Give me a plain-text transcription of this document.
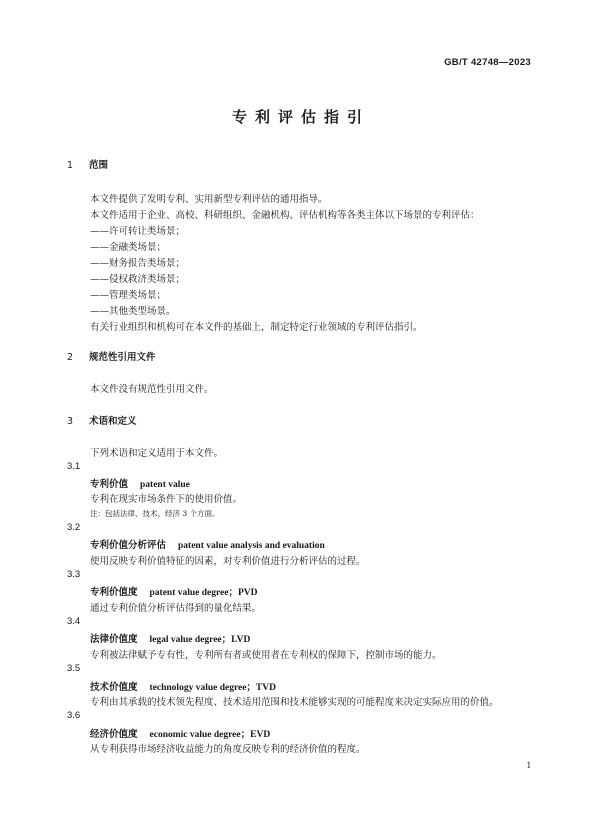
GB/T 42748—2023
专利评估指引
1 范围
本文件提供了发明专利、实用新型专利评估的通用指导。
本文件适用于企业、高校、科研组织、金融机构、评估机构等各类主体以下场景的专利评估：
——许可转让类场景；
——金融类场景；
——财务报告类场景；
——侵权救济类场景；
——管理类场景；
——其他类型场景。
有关行业组织和机构可在本文件的基础上，制定特定行业领域的专利评估指引。
2 规范性引用文件
本文件没有规范性引用文件。
3 术语和定义
下列术语和定义适用于本文件。
3.1
专利价值 patent value
专利在现实市场条件下的使用价值。
注：包括法律、技术、经济 3 个方面。
3.2
专利价值分析评估 patent value analysis and evaluation
使用反映专利价值特征的因素，对专利价值进行分析评估的过程。
3.3
专利价值度 patent value degree；PVD
通过专利价值分析评估得到的量化结果。
3.4
法律价值度 legal value degree；LVD
专利被法律赋予专有性，专利所有者或使用者在专利权的保障下，控制市场的能力。
3.5
技术价值度 technology value degree；TVD
专利由其承载的技术领先程度、技术适用范围和技术能够实现的可能程度来决定实际应用的价值。
3.6
经济价值度 economic value degree；EVD
从专利获得市场经济收益能力的角度反映专利的经济价值的程度。
1
